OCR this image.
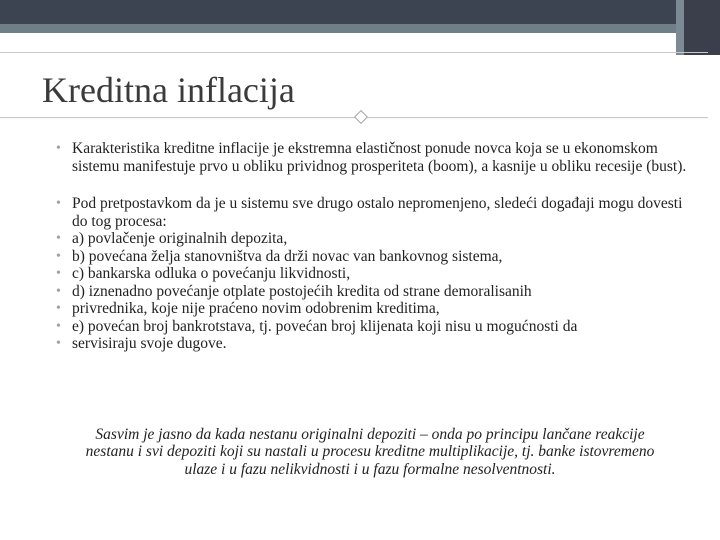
Kreditna inflacija
• Karakteristika kreditne inflacije je ekstremna elastičnost ponude novca koja se u ekonomskom sistemu manifestuje prvo u obliku prividnog prosperiteta (boom), a kasnije u obliku recesije (bust).
• Pod pretpostavkom da je u sistemu sve drugo ostalo nepromenjeno, sledeći događaji mogu dovesti do tog procesa:
• a) povlačenje originalnih depozita,
• b) povećana želja stanovništva da drži novac van bankovnog sistema,
• c) bankarska odluka o povećanju likvidnosti,
• d) iznenadno povećanje otplate postojećih kredita od strane demoralisanih
• privrednika, koje nije praćeno novim odobrenim kreditima,
• e) povećan broj bankrotstava, tj. povećan broj klijenata koji nisu u mogućnosti da
• servisiraju svoje dugove.

Sasvim je jasno da kada nestanu originalni depoziti – onda po principu lančane reakcije nestanu i svi depoziti koji su nastali u procesu kreditne multiplikacije, tj. banke istovremeno ulaze i u fazu nelikvidnosti i u fazu formalne nesolventnosti.
